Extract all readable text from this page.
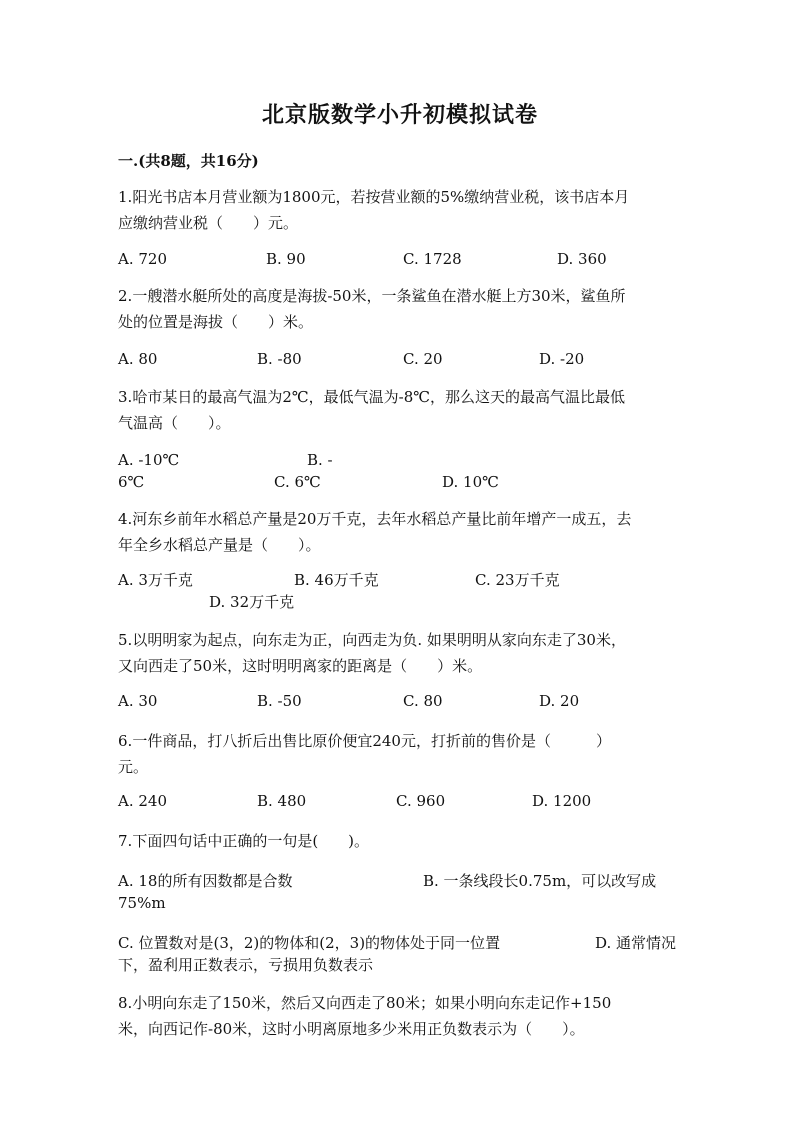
北京版数学小升初模拟试卷

一.(共8题，共16分)

1.阳光书店本月营业额为1800元，若按营业额的5%缴纳营业税，该书店本月
应缴纳营业税（　　）元。

A. 720	B. 90	C. 1728	D. 360

2.一艘潜水艇所处的高度是海拔-50米，一条鲨鱼在潜水艇上方30米，鲨鱼所
处的位置是海拔（　　）米。

A. 80	B. -80	C. 20	D. -20

3.哈市某日的最高气温为2℃，最低气温为-8℃，那么这天的最高气温比最低
气温高（　　）。

A. -10℃	B. -
6℃	C. 6℃	D. 10℃

4.河东乡前年水稻总产量是20万千克，去年水稻总产量比前年增产一成五，去
年全乡水稻总产量是（　　）。

A. 3万千克	B. 46万千克	C. 23万千克
D. 32万千克

5.以明明家为起点，向东走为正，向西走为负. 如果明明从家向东走了30米，
又向西走了50米，这时明明离家的距离是（　　）米。

A. 30	B. -50	C. 80	D. 20

6.一件商品，打八折后出售比原价便宜240元，打折前的售价是（　　　）
元。

A. 240	B. 480	C. 960	D. 1200

7.下面四句话中正确的一句是(　　)。

A. 18的所有因数都是合数	B. 一条线段长0.75m，可以改写成
75%m
C. 位置数对是(3，2)的物体和(2，3)的物体处于同一位置	D. 通常情况
下，盈利用正数表示，亏损用负数表示

8.小明向东走了150米，然后又向西走了80米；如果小明向东走记作+150
米，向西记作-80米，这时小明离原地多少米用正负数表示为（　　）。
